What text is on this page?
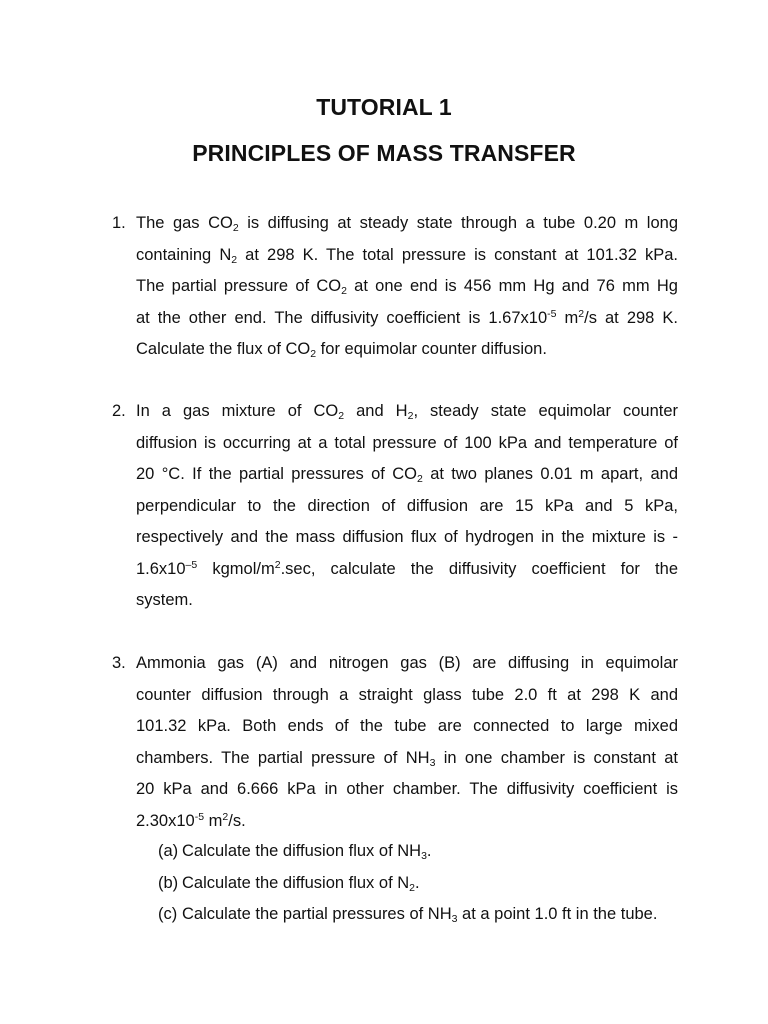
TUTORIAL 1
PRINCIPLES OF MASS TRANSFER
1. The gas $CO_2$ is diffusing at steady state through a tube 0.20 m long
containing $N_2$ at 298 K. The total pressure is constant at 101.32 kPa.
The partial pressure of $CO_2$ at one end is 456 mm Hg and 76 mm Hg
at the other end. The diffusivity coefficient is $1.67x10^{-5}$ $m^2/s$ at 298 K.
Calculate the flux of $CO_2$ for equimolar counter diffusion.
2. In a gas mixture of $CO_2$ and $H_2$, steady state equimolar counter
diffusion is occurring at a total pressure of 100 kPa and temperature of
20 °C. If the partial pressures of $CO_2$ at two planes 0.01 m apart, and
perpendicular to the direction of diffusion are 15 kPa and 5 kPa,
respectively and the mass diffusion flux of hydrogen in the mixture is -
$1.6x10^{-5}$ kgmol/$m^2.\sec$, calculate the diffusivity coefficient for the
system.
3. Ammonia gas (A) and nitrogen gas (B) are diffusing in equimolar
counter diffusion through a straight glass tube 2.0 ft at 298 K and
101.32 kPa. Both ends of the tube are connected to large mixed
chambers. The partial pressure of $NH_3$ in one chamber is constant at
20 kPa and 6.666 kPa in other chamber. The diffusivity coefficient is
$2.30x10^{-5}$ $m^2/s$.
(a) Calculate the diffusion flux of $NH_3$.
(b) Calculate the diffusion flux of $N_2$.
(c) Calculate the partial pressures of $NH_3$ at a point 1.0 ft in the tube.
